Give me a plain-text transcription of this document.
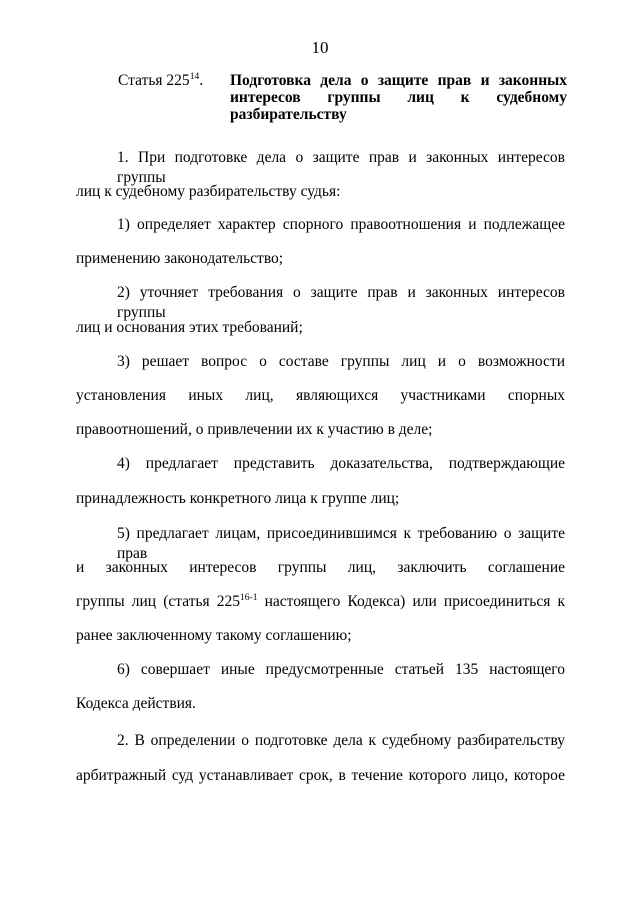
10
Статья $225^{14}$. Подготовка дела о защите прав и законных интересов группы лиц к судебному разбирательству
1. При подготовке дела о защите прав и законных интересов группы
лиц к судебному разбирательству судья:
1) определяет характер спорного правоотношения и подлежащее
применению законодательство;
2) уточняет требования о защите прав и законных интересов группы
лиц и основания этих требований;
3) решает вопрос о составе группы лиц и о возможности
установления иных лиц, являющихся участниками спорных
правоотношений, о привлечении их к участию в деле;
4) предлагает представить доказательства, подтверждающие
принадлежность конкретного лица к группе лиц;
5) предлагает лицам, присоединившимся к требованию о защите прав
и законных интересов группы лиц, заключить соглашение
группы лиц (статья 225$^{16-1}$ настоящего Кодекса) или присоединиться к
ранее заключенному такому соглашению;
6) совершает иные предусмотренные статьей 135 настоящего
Кодекса действия.
2. В определении о подготовке дела к судебному разбирательству
арбитражный суд устанавливает срок, в течение которого лицо, которое
